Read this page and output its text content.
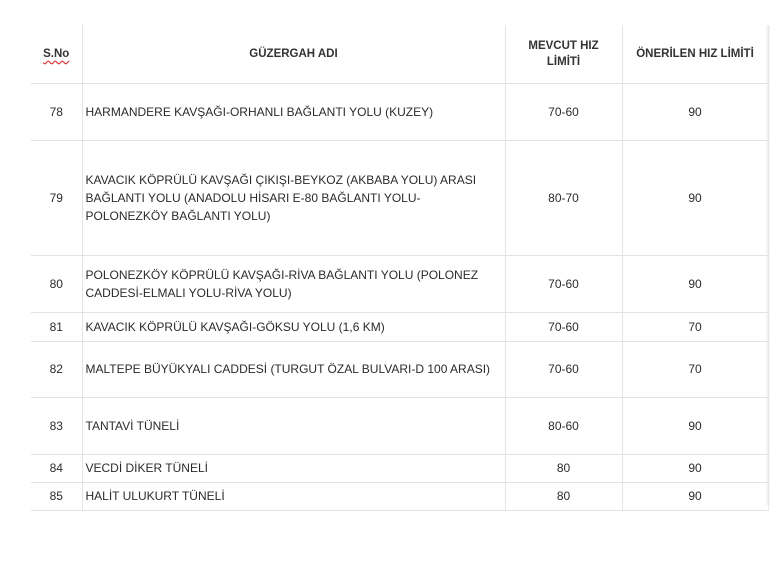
S.No	GÜZERGAH ADI	MEVCUT HIZ LİMİTİ	ÖNERİLEN HIZ LİMİTİ
78	HARMANDERE KAVŞAĞI-ORHANLI BAĞLANTI YOLU (KUZEY)	70-60	90
79	KAVACIK KÖPRÜLÜ KAVŞAĞI ÇIKIŞI-BEYKOZ (AKBABA YOLU) ARASI BAĞLANTI YOLU (ANADOLU HİSARI E-80 BAĞLANTI YOLU-POLONEZKÖY BAĞLANTI YOLU)	80-70	90
80	POLONEZKÖY KÖPRÜLÜ KAVŞAĞI-RİVA BAĞLANTI YOLU (POLONEZ CADDESİ-ELMALI YOLU-RİVA YOLU)	70-60	90
81	KAVACIK KÖPRÜLÜ KAVŞAĞI-GÖKSU YOLU (1,6 KM)	70-60	70
82	MALTEPE BÜYÜKYALI CADDESİ (TURGUT ÖZAL BULVARI-D 100 ARASI)	70-60	70
83	TANTAVİ TÜNELİ	80-60	90
84	VECDİ DİKER TÜNELİ	80	90
85	HALİT ULUKURT TÜNELİ	80	90
